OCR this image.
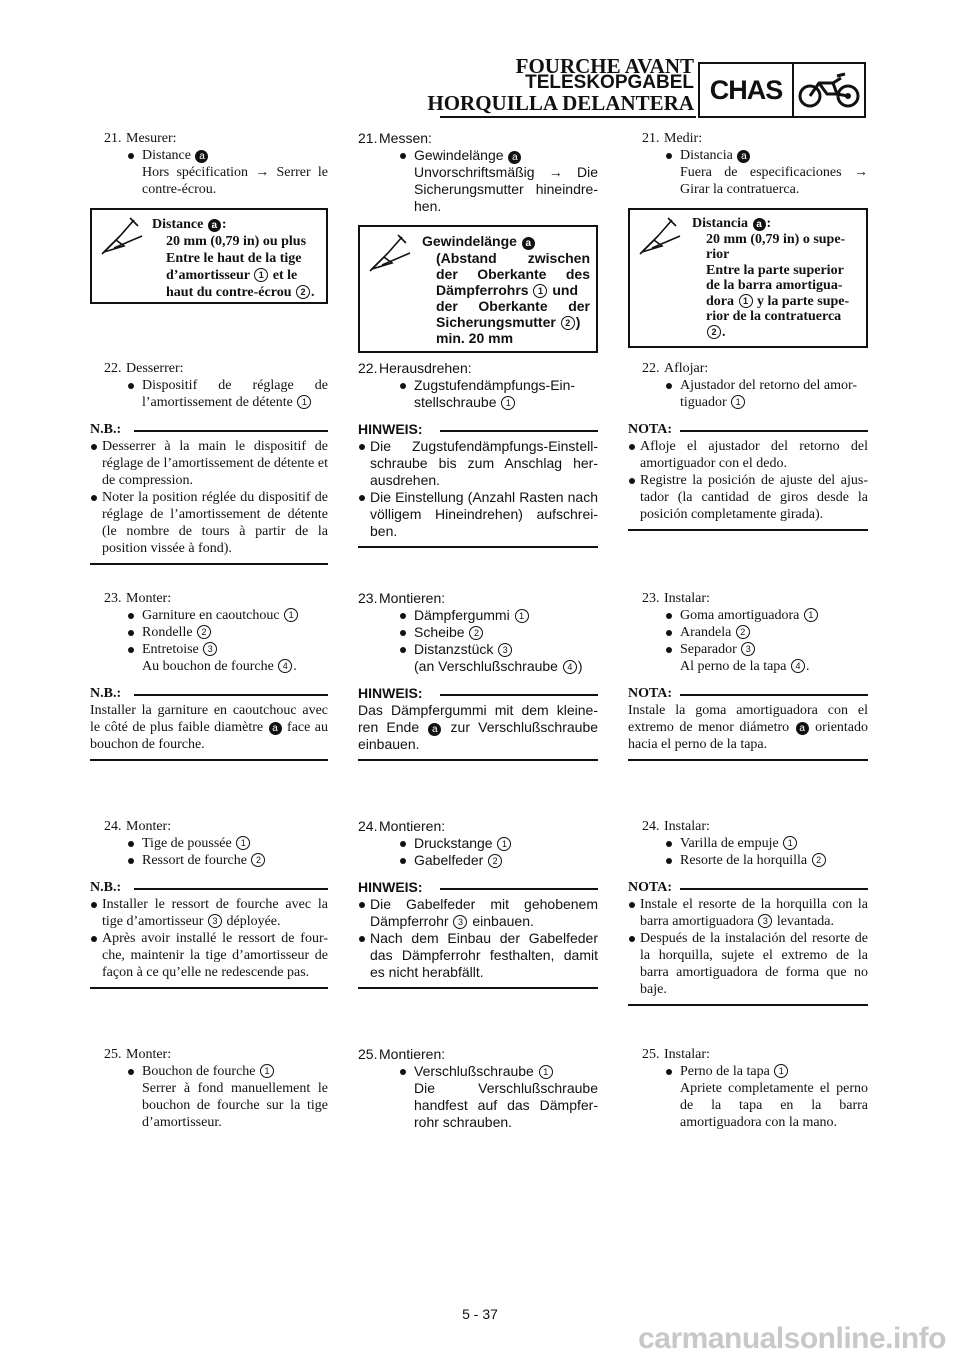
FOURCHE AVANT
TELESKOPGABEL
HORQUILLA DELANTERA CHAS
21. Mesurer:
Distance a
Hors spécification → Serrer le contre-écrou.
Distance a :
20 mm (0,79 in) ou plus
Entre le haut de la tige
d’amortisseur 1 et le
haut du contre-écrou 2 .
22. Desserrer:
Dispositif de réglage de l’amortissement de détente 1
N.B.:
Desserrer à la main le dispositif de réglage de l’amortissement de détente et de compression.
Noter la position réglée du dispositif de réglage de l’amortissement de détente (le nombre de tours à partir de la position vissée à fond).
23. Monter:
Garniture en caoutchouc 1
Rondelle 2
Entretoise 3
Au bouchon de fourche 4 .
N.B.:
Installer la garniture en caoutchouc avec le côté de plus faible diamètre a face au bouchon de fourche.
24. Monter:
Tige de poussée 1
Ressort de fourche 2
N.B.:
Installer le ressort de fourche avec la tige d’amortisseur 3 déployée.
Après avoir installé le ressort de four-che, maintenir la tige d’amortisseur de façon à ce qu’elle ne redescende pas.
25. Monter:
Bouchon de fourche 1
Serrer à fond manuellement le bouchon de fourche sur la tige d’amortisseur.
21. Messen:

Gewindelänge a
Unvorschriftsmäßig → Die Sicherungsmutter hineindre-hen.
Gewindelänge a
(Abstand zwischen
der Oberkante des
Dämpferrohrs 1 und
der Oberkante der
Sicherungsmutter 2 )
min. 20 mm
22. Herausdrehen:

Zugstufendämpfungs-Ein-stellschraube 1
HINWEIS:
Die Zugstufendämpfungs-Einstell-schraube bis zum Anschlag her-ausdrehen.
Die Einstellung (Anzahl Rasten nach völligem Hineindrehen) aufschrei-ben.
23. Montieren:

Dämpfergummi 1
Scheibe 2
Distanzstück 3
(an Verschlußschraube 4 )
HINWEIS:
Das Dämpfergummi mit dem kleine-ren Ende a zur Verschlußschraube einbauen.
24. Montieren:

Druckstange 1
Gabelfeder 2
HINWEIS:
Die Gabelfeder mit gehobenem Dämpferrohr 3 einbauen.
Nach dem Einbau der Gabelfeder das Dämpferrohr festhalten, damit es nicht herabfällt.
25. Montieren:

Verschlußschraube 1
Die Verschlußschraube handfest auf das Dämpfer-rohr schrauben.
21. Medir:
Distancia a
Fuera de especificaciones → Girar la contratuerca.
Distancia a :
20 mm (0,79 in) o supe-
rior
Entre la parte superior
de la barra amortigua-
dora 1 y la parte supe-
rior de la contratuerca
2 .
22. Aflojar:
Ajustador del retorno del amor-tiguador 1
NOTA:
Afloje el ajustador del retorno del amortiguador con el dedo.
Registre la posición de ajuste del ajus-tador (la cantidad de giros desde la posición completamente girada).
23. Instalar:
Goma amortiguadora 1
Arandela 2
Separador 3
Al perno de la tapa 4 .
NOTA:
Instale la goma amortiguadora con el extremo de menor diámetro a orientado hacia el perno de la tapa.
24. Instalar:
Varilla de empuje 1
Resorte de la horquilla 2
NOTA:
Instale el resorte de la horquilla con la barra amortiguadora 3 levantada.
Después de la instalación del resorte de la horquilla, sujete el extremo de la barra amortiguadora de forma que no baje.
25. Instalar:
Perno de la tapa 1
Apriete completamente el perno de la tapa en la barra amortiguadora con la mano.
5 - 37
carmanualsonline.info
